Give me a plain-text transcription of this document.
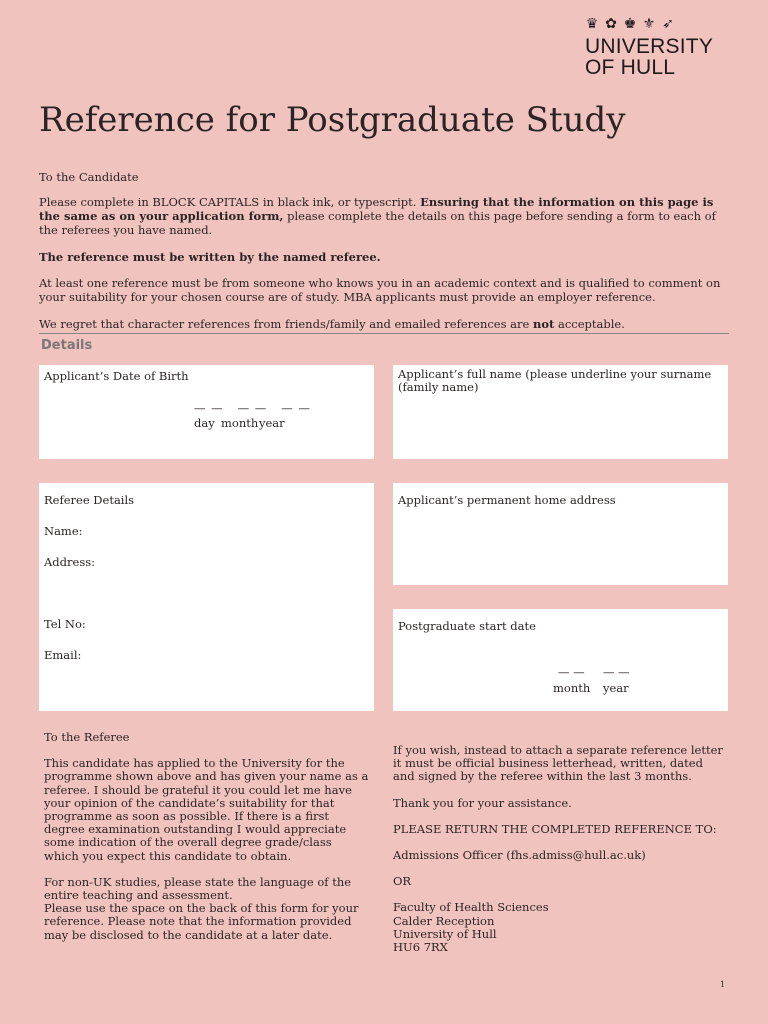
♛ ✿ ♚ ⚜ ➶
UNIVERSITY
OF HULL
Reference for Postgraduate Study
To the Candidate
Please complete in BLOCK CAPITALS in black ink, or typescript. Ensuring that the information on this page is the same as on your application form, please complete the details on this page before sending a form to each of the referees you have named.
The reference must be written by the named referee.
At least one reference must be from someone who knows you in an academic context and is qualified to comment on your suitability for your chosen course are of study. MBA applicants must provide an employer reference.
We regret that character references from friends/family and emailed references are not acceptable.
Details
Applicant’s Date of Birth
— —   — —   — —
day month year
Applicant’s full name (please underline your surname (family name)
Referee Details
Name:
Address:
Tel No:
Email:
Applicant’s permanent home address
Postgraduate start date
— — — —
month year

To the Referee

This candidate has applied to the University for the programme shown above and has given your name as a referee. I should be grateful it you could let me have your opinion of the candidate’s suitability for that programme as soon as possible. If there is a first degree examination outstanding I would appreciate some indication of the overall degree grade/class which you expect this candidate to obtain.

For non-UK studies, please state the language of the entire teaching and assessment.

Please use the space on the back of this form for your reference. Please note that the information provided may be disclosed to the candidate at a later date.

If you wish, instead to attach a separate reference letter it must be official business letterhead, written, dated and signed by the referee within the last 3 months.

Thank you for your assistance.

PLEASE RETURN THE COMPLETED REFERENCE TO:

Admissions Officer (fhs.admiss@hull.ac.uk)

OR

Faculty of Health Sciences

Calder Reception

University of Hull

HU6 7RX

1
